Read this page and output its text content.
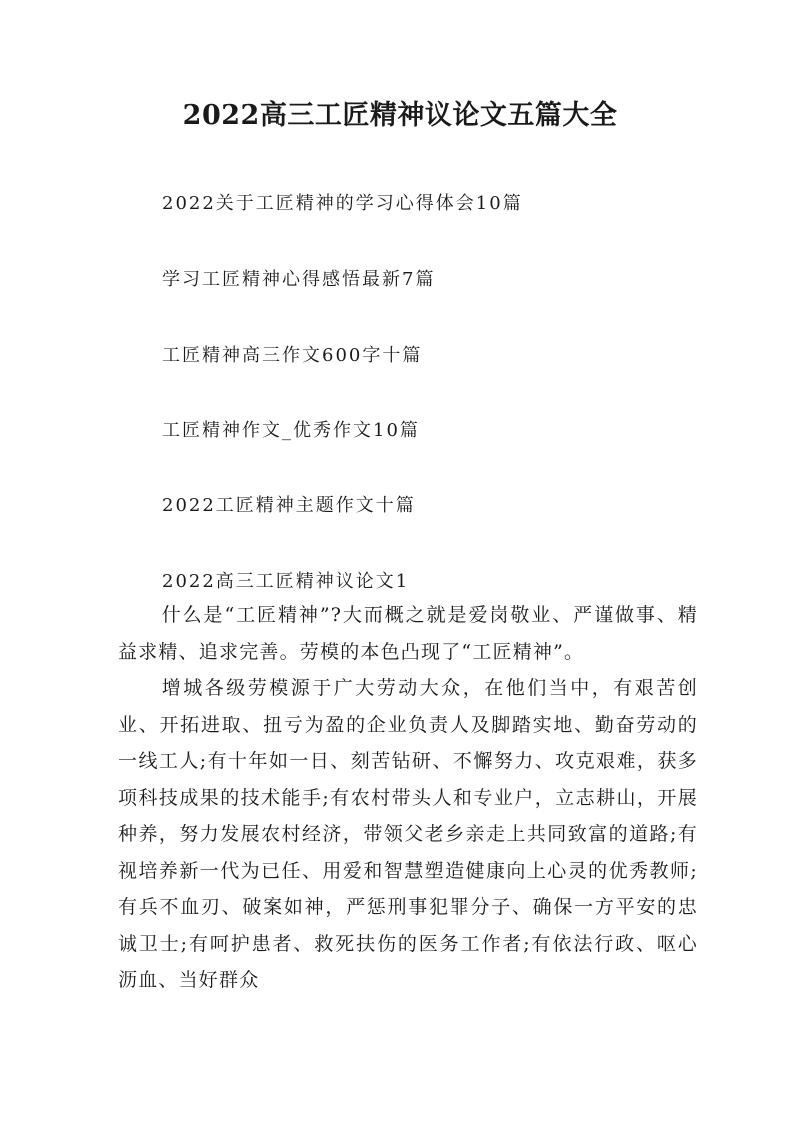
2022高三工匠精神议论文五篇大全
2022关于工匠精神的学习心得体会10篇
学习工匠精神心得感悟最新7篇
工匠精神高三作文600字十篇
工匠精神作文_优秀作文10篇
2022工匠精神主题作文十篇
2022高三工匠精神议论文1

什么是“工匠精神”?大而概之就是爱岗敬业、严谨做事、精益求精、追求完善。劳模的本色凸现了“工匠精神”。

增城各级劳模源于广大劳动大众，在他们当中，有艰苦创业、开拓进取、扭亏为盈的企业负责人及脚踏实地、勤奋劳动的一线工人;有十年如一日、刻苦钻研、不懈努力、攻克艰难，获多项科技成果的技术能手;有农村带头人和专业户，立志耕山，开展种养，努力发展农村经济，带领父老乡亲走上共同致富的道路;有视培养新一代为已任、用爱和智慧塑造健康向上心灵的优秀教师;有兵不血刃、破案如神，严惩刑事犯罪分子、确保一方平安的忠诚卫士;有呵护患者、救死扶伤的医务工作者;有依法行政、呕心沥血、当好群众
